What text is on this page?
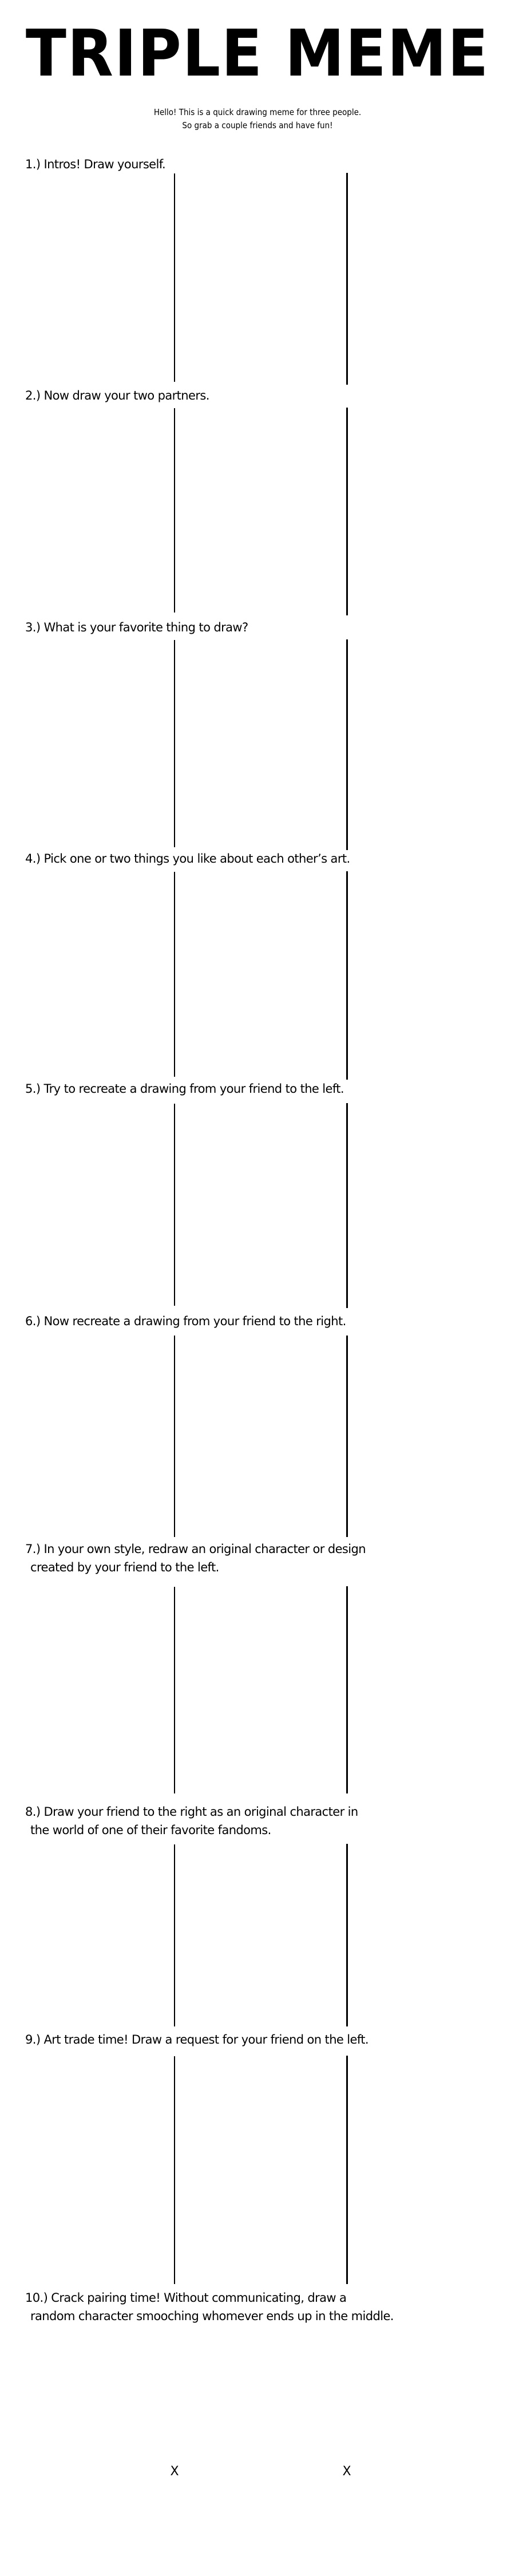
TRIPLE MEME
Hello! This is a quick drawing meme for three people.
So grab a couple friends and have fun!
1.) Intros! Draw yourself.
2.) Now draw your two partners.
3.) What is your favorite thing to draw?
4.) Pick one or two things you like about each other’s art.
5.) Try to recreate a drawing from your friend to the left.
6.) Now recreate a drawing from your friend to the right.
7.) In your own style, redraw an original character or design
created by your friend to the left.
8.) Draw your friend to the right as an original character in
the world of one of their favorite fandoms.
9.) Art trade time! Draw a request for your friend on the left.
10.) Crack pairing time! Without communicating, draw a
random character smooching whomever ends up in the middle.
X	X
